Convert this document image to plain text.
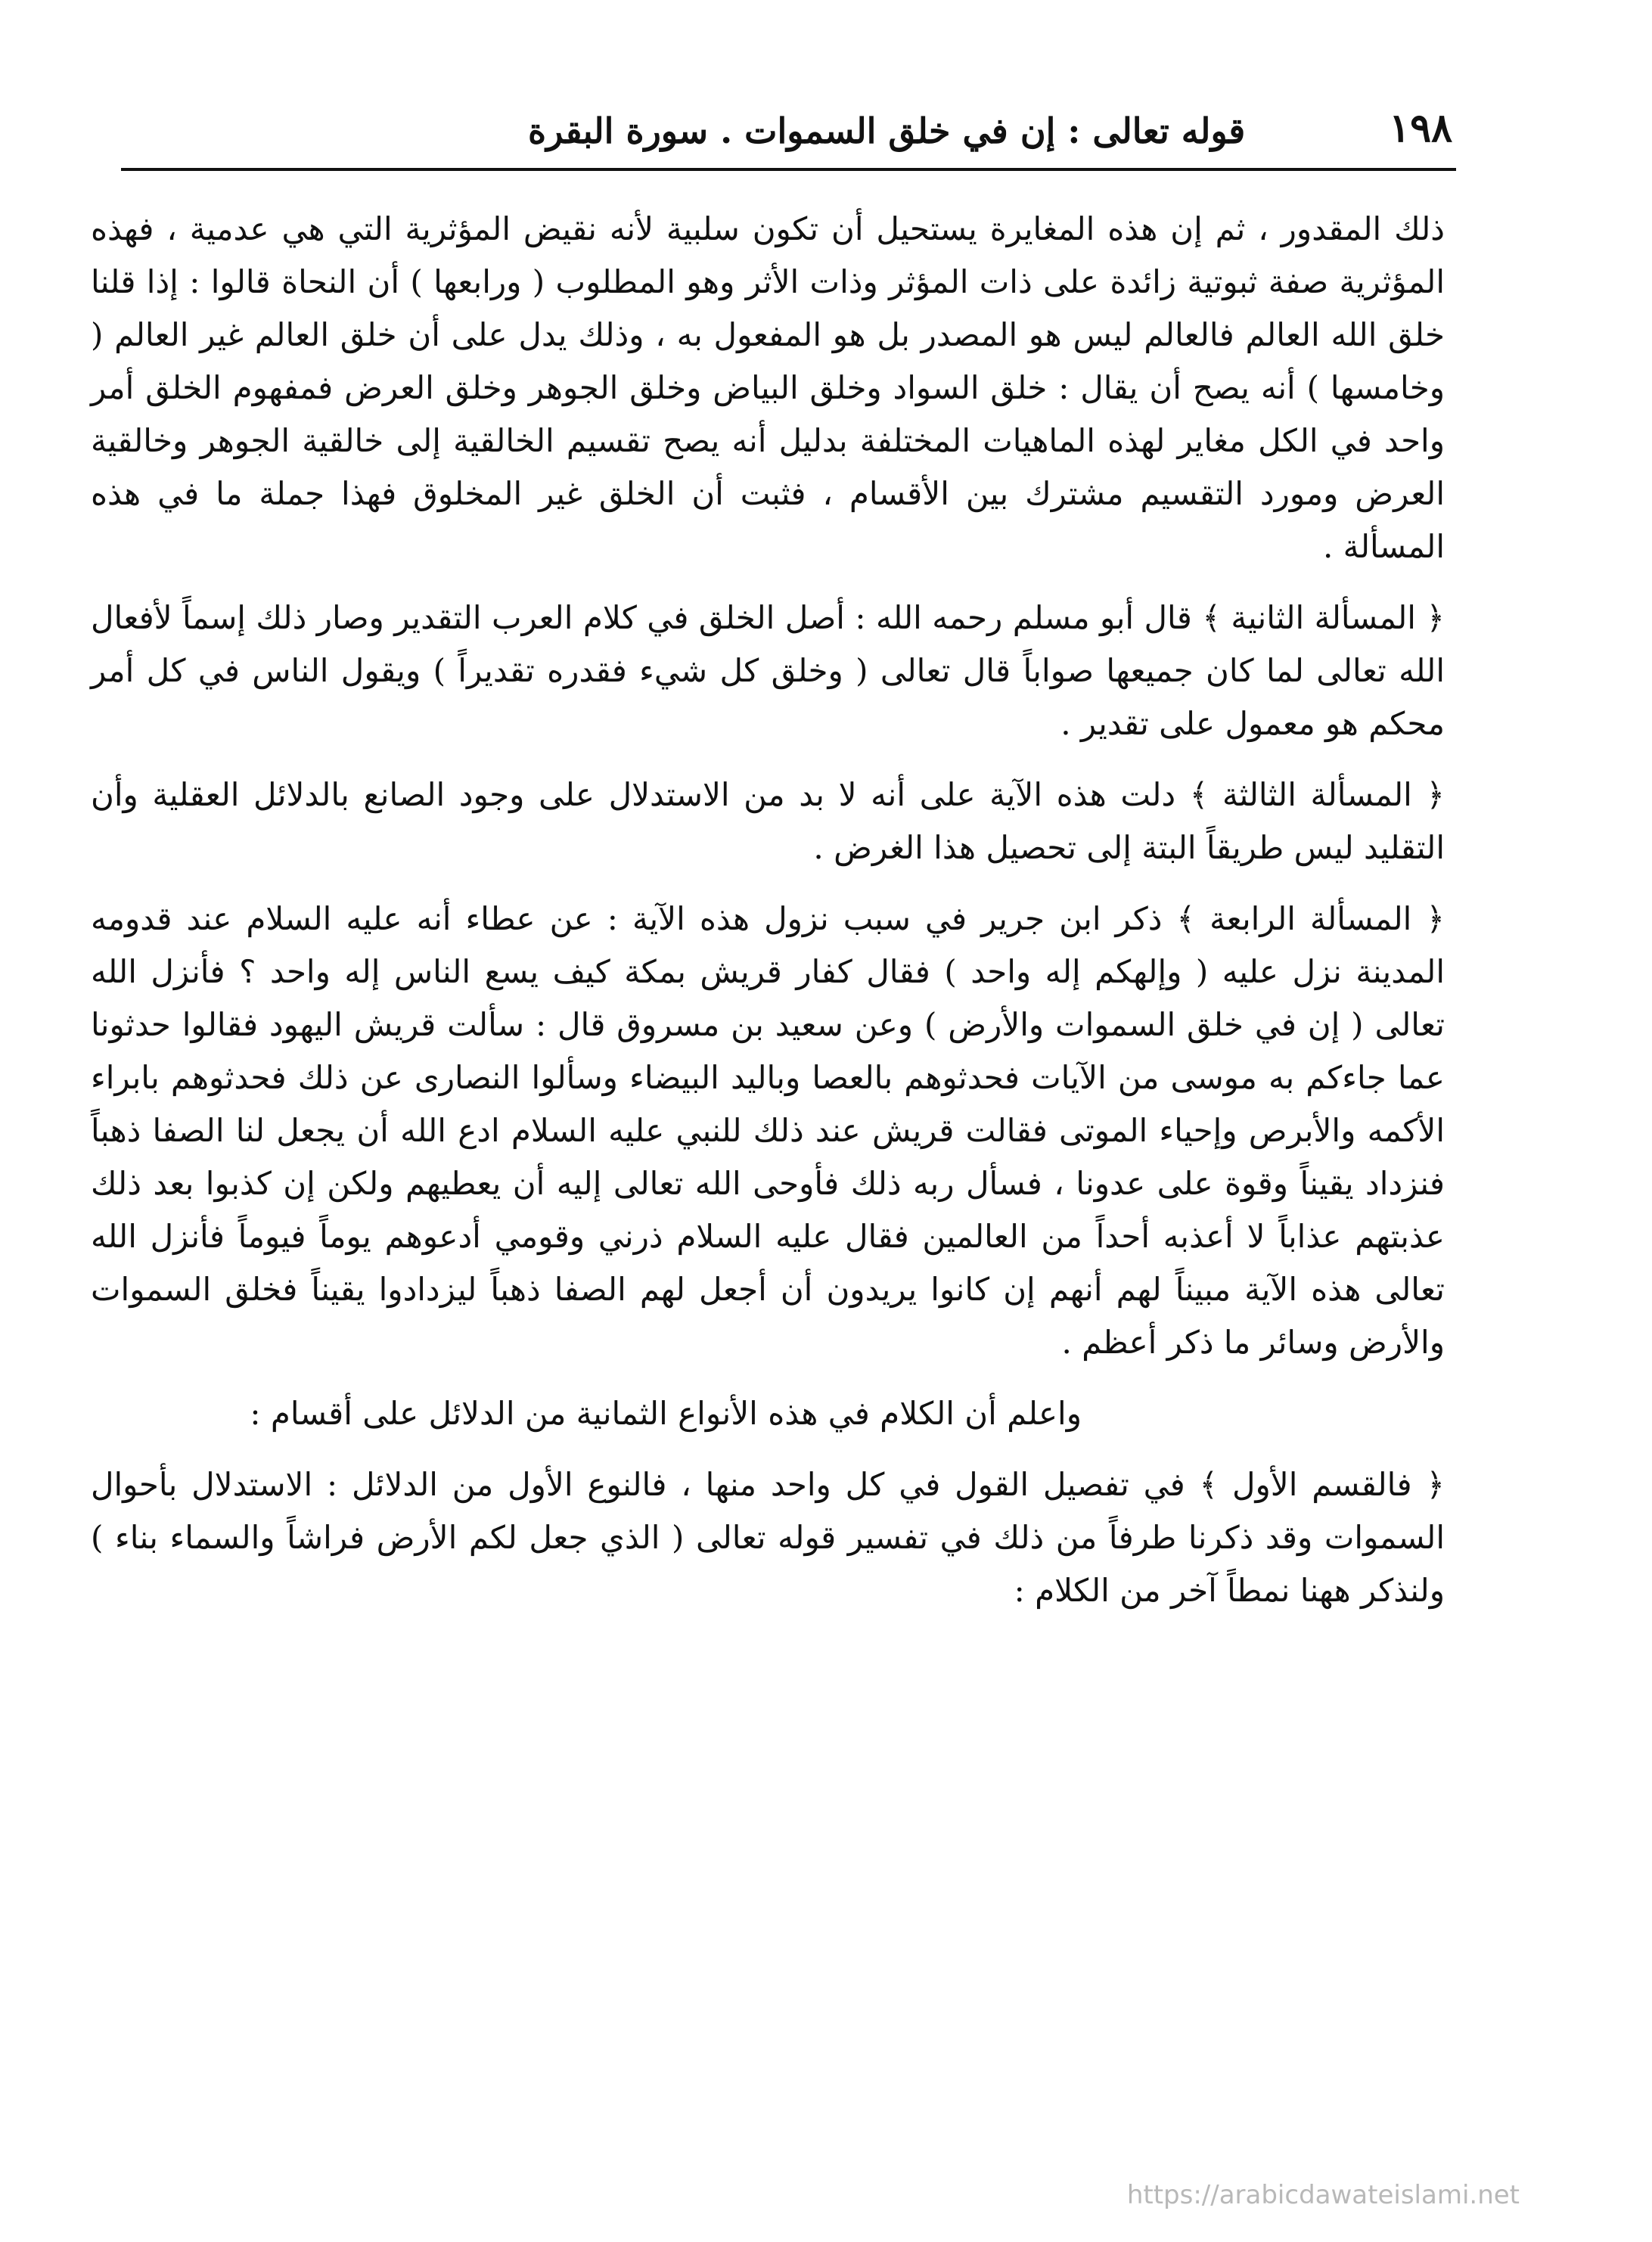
١٩٨
قوله تعالى : إن في خلق السموات . سورة البقرة

ذلك المقدور ، ثم إن هذه المغايرة يستحيل أن تكون سلبية لأنه نقيض المؤثرية التي هي عدمية ، فهذه المؤثرية صفة ثبوتية زائدة على ذات المؤثر وذات الأثر وهو المطلوب ( ورابعها ) أن النحاة قالوا : إذا قلنا خلق الله العالم فالعالم ليس هو المصدر بل هو المفعول به ، وذلك يدل على أن خلق العالم غير العالم ( وخامسها ) أنه يصح أن يقال : خلق السواد وخلق البياض وخلق الجوهر وخلق العرض فمفهوم الخلق أمر واحد في الكل مغاير لهذه الماهيات المختلفة بدليل أنه يصح تقسيم الخالقية إلى خالقية الجوهر وخالقية العرض ومورد التقسيم مشترك بين الأقسام ، فثبت أن الخلق غير المخلوق فهذا جملة ما في هذه المسألة .

﴿ المسألة الثانية ﴾ قال أبو مسلم رحمه الله : أصل الخلق في كلام العرب التقدير وصار ذلك إسماً لأفعال الله تعالى لما كان جميعها صواباً قال تعالى ( وخلق كل شيء فقدره تقديراً ) ويقول الناس في كل أمر محكم هو معمول على تقدير .

﴿ المسألة الثالثة ﴾ دلت هذه الآية على أنه لا بد من الاستدلال على وجود الصانع بالدلائل العقلية وأن التقليد ليس طريقاً البتة إلى تحصيل هذا الغرض .

﴿ المسألة الرابعة ﴾ ذكر ابن جرير في سبب نزول هذه الآية : عن عطاء أنه عليه السلام عند قدومه المدينة نزل عليه ( وإلهكم إله واحد ) فقال كفار قريش بمكة كيف يسع الناس إله واحد ؟ فأنزل الله تعالى ( إن في خلق السموات والأرض ) وعن سعيد بن مسروق قال : سألت قريش اليهود فقالوا حدثونا عما جاءكم به موسى من الآيات فحدثوهم بالعصا وباليد البيضاء وسألوا النصارى عن ذلك فحدثوهم بابراء الأكمه والأبرص وإحياء الموتى فقالت قريش عند ذلك للنبي عليه السلام ادع الله أن يجعل لنا الصفا ذهباً فنزداد يقيناً وقوة على عدونا ، فسأل ربه ذلك فأوحى الله تعالى إليه أن يعطيهم ولكن إن كذبوا بعد ذلك عذبتهم عذاباً لا أعذبه أحداً من العالمين فقال عليه السلام ذرني وقومي أدعوهم يوماً فيوماً فأنزل الله تعالى هذه الآية مبيناً لهم أنهم إن كانوا يريدون أن أجعل لهم الصفا ذهباً ليزدادوا يقيناً فخلق السموات والأرض وسائر ما ذكر أعظم .

واعلم أن الكلام في هذه الأنواع الثمانية من الدلائل على أقسام :

﴿ فالقسم الأول ﴾ في تفصيل القول في كل واحد منها ، فالنوع الأول من الدلائل : الاستدلال بأحوال السموات وقد ذكرنا طرفاً من ذلك في تفسير قوله تعالى ( الذي جعل لكم الأرض فراشاً والسماء بناء ) ولنذكر ههنا نمطاً آخر من الكلام :

https://arabicdawateislami.net
